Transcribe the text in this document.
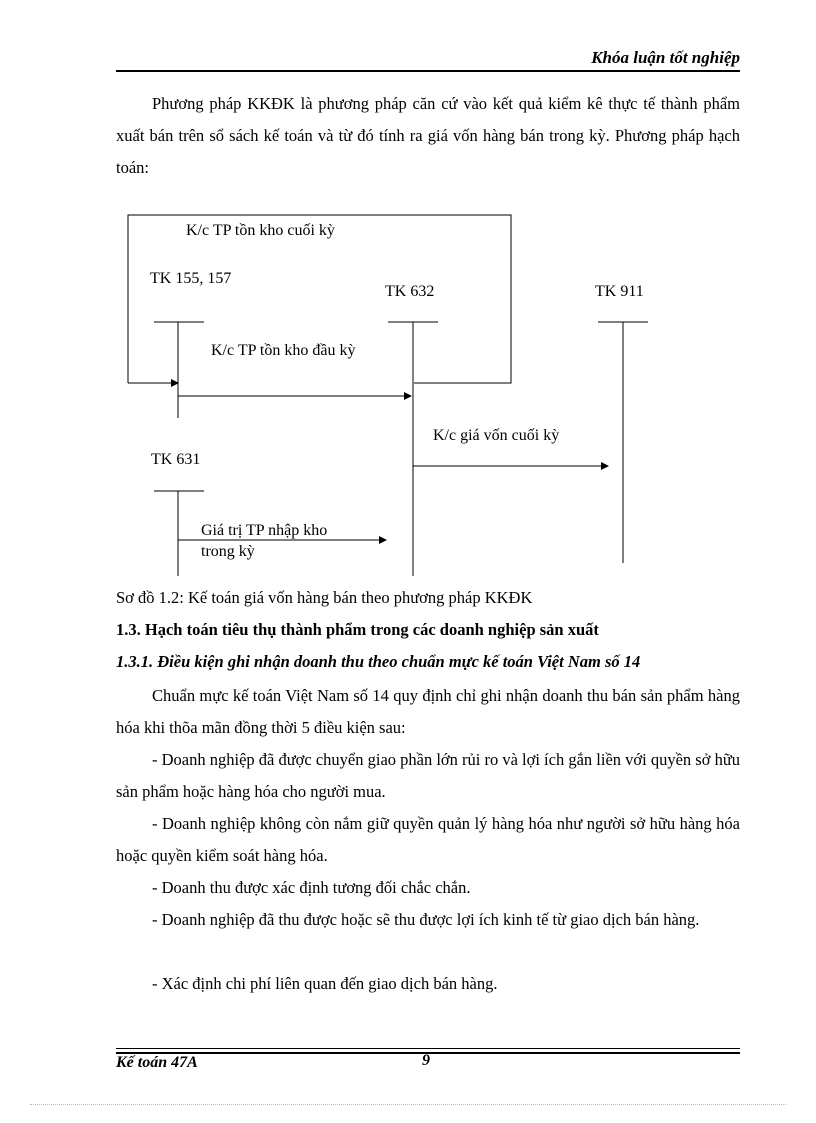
Khóa luận tốt nghiệp

Phương pháp KKĐK là phương pháp căn cứ vào kết quả kiểm kê thực tế thành phẩm xuất bán trên sổ sách kế toán và từ đó tính ra giá vốn hàng bán trong kỳ. Phương pháp hạch toán:

K/c TP tồn kho cuối kỳ
TK 155, 157
TK 632	TK 911
K/c TP tồn kho đầu kỳ
K/c giá vốn cuối kỳ
TK 631
Giá trị TP nhập kho
trong kỳ
Sơ đồ 1.2: Kế toán giá vốn hàng bán theo phương pháp KKĐK
1.3. Hạch toán tiêu thụ thành phẩm trong các doanh nghiệp sản xuất
1.3.1. Điều kiện ghi nhận doanh thu theo chuẩn mực kế toán Việt Nam số 14

Chuẩn mực kế toán Việt Nam số 14 quy định chỉ ghi nhận doanh thu bán sản phẩm hàng hóa khi thõa mãn đồng thời 5 điều kiện sau:

- Doanh nghiệp đã được chuyển giao phần lớn rủi ro và lợi ích gắn liền với quyền sở hữu sản phẩm hoặc hàng hóa cho người mua.

- Doanh nghiệp không còn nắm giữ quyền quản lý hàng hóa như người sở hữu hàng hóa hoặc quyền kiểm soát hàng hóa.

- Doanh thu được xác định tương đối chắc chắn.

- Doanh nghiệp đã thu được hoặc sẽ thu được lợi ích kinh tế từ giao dịch bán hàng.

- Xác định chi phí liên quan đến giao dịch bán hàng.

Kế toán 47A	9
